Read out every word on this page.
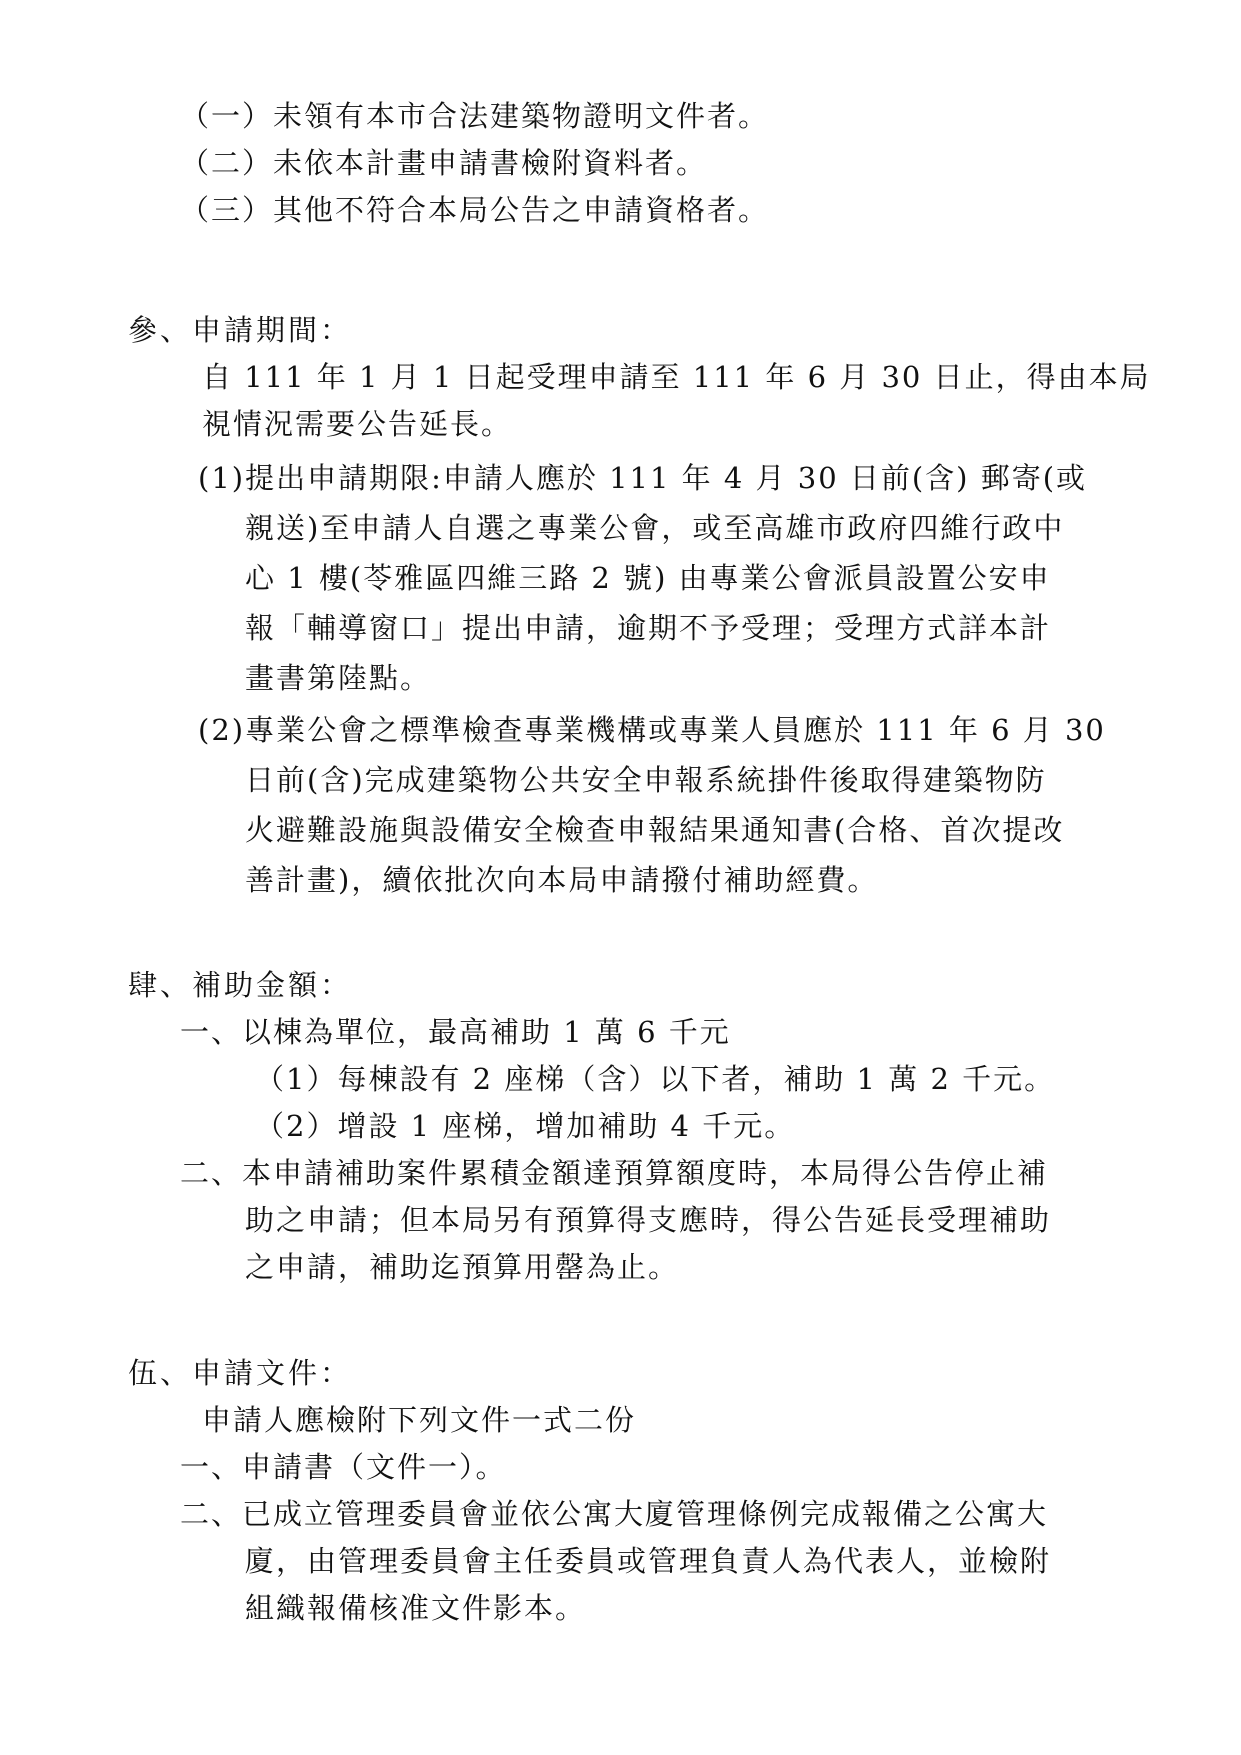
（一）未領有本市合法建築物證明文件者。
（二）未依本計畫申請書檢附資料者。
（三）其他不符合本局公告之申請資格者。
參、申請期間：
自 111 年 1 月 1 日起受理申請至 111 年 6 月 30 日止，得由本局
視情況需要公告延長。
(1)提出申請期限:申請人應於 111 年 4 月 30 日前(含) 郵寄(或
親送)至申請人自選之專業公會，或至高雄市政府四維行政中
心 1 樓(苓雅區四維三路 2 號) 由專業公會派員設置公安申
報「輔導窗口」提出申請，逾期不予受理；受理方式詳本計
畫書第陸點。
(2)專業公會之標準檢查專業機構或專業人員應於 111 年 6 月 30
日前(含)完成建築物公共安全申報系統掛件後取得建築物防
火避難設施與設備安全檢查申報結果通知書(合格、首次提改
善計畫)，續依批次向本局申請撥付補助經費。
肆、補助金額：
一、以棟為單位，最高補助 1 萬 6 千元
（1）每棟設有 2 座梯（含）以下者，補助 1 萬 2 千元。
（2）增設 1 座梯，增加補助 4 千元。
二、本申請補助案件累積金額達預算額度時，本局得公告停止補
助之申請；但本局另有預算得支應時，得公告延長受理補助
之申請，補助迄預算用罄為止。
伍、申請文件：
申請人應檢附下列文件一式二份
一、申請書（文件一）。
二、已成立管理委員會並依公寓大廈管理條例完成報備之公寓大
廈，由管理委員會主任委員或管理負責人為代表人，並檢附
組織報備核准文件影本。
